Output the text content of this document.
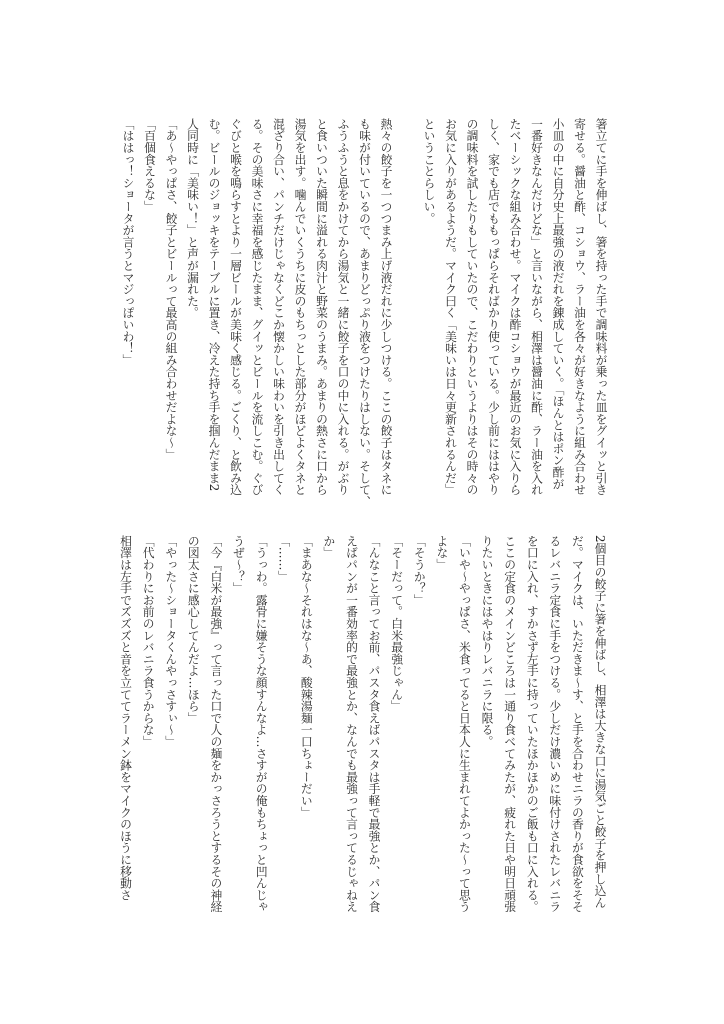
箸立てに手を伸ばし、箸を持った手で調味料が乗った皿をグイッと引き
寄せる。醤油と酢、コショウ、ラー油を各々が好きなように組み合わせ
小皿の中に自分史上最強の液だれを錬成していく。「ほんとはポン酢が
一番好きなんだけどな」と言いながら、相澤は醤油に酢、ラー油を入れ
たベーシックな組み合わせ。マイクは酢コショウが最近のお気に入りら
しく、家でも店でももっぱらそればかり使っている。少し前にははやり
の調味料を試したりもしていたので、こだわりというよりはその時々の
お気に入りがあるようだ。マイク曰く「美味いは日々更新されるんだ」
ということらしい。
熱々の餃子を一つつまみ上げ液だれに少しつける。ここの餃子はタネに
も味が付いているので、あまりどっぷり液をつけたりはしない。そして、
ふうふうと息をかけてから湯気と一緒に餃子を口の中に入れる。がぶり
と食いついた瞬間に溢れる肉汁と野菜のうまみ。あまりの熱さに口から
湯気を出す。噛んでいくうちに皮のもちっとした部分がほどよくタネと
混ざり合い、パンチだけじゃなくどこか懐かしい味わいを引き出してく
る。その美味さに幸福を感じたまま、グイッとビールを流しこむ。ぐび
ぐびと喉を鳴らすとより一層ビールが美味く感じる。ごくり、と飲み込
む。ビールのジョッキをテーブルに置き、冷えた持ち手を掴んだまま2
人同時に「美味い！」と声が漏れた。
「あ〜やっぱさ、餃子とビールって最高の組み合わせだよな〜」
「百個食えるな」
「ははっ！ショータが言うとマジっぽいわ！」
2個目の餃子に箸を伸ばし、相澤は大きな口に湯気ごと餃子を押し込ん
だ。マイクは、いただきま〜す、と手を合わせニラの香りが食欲をそそ
るレバニラ定食に手をつける。少しだけ濃いめに味付けされたレバニラ
を口に入れ、すかさず左手に持っていたほかほかのご飯も口に入れる。
ここの定食のメインどころは一通り食べてみたが、疲れた日や明日頑張
りたいときにはやはりレバニラに限る。
「いや〜やっぱさ、米食ってると日本人に生まれてよかった〜って思う
よな」
「そうか？」
「そーだって。白米最強じゃん」
「んなこと言ってお前、パスタ食えばパスタは手軽で最強とか、パン食
えばパンが一番効率的で最強とか、なんでも最強って言ってるじゃねえ
か」
「まあな〜それはな〜あ、酸辣湯麺一口ちょーだい」
「……」
「うっわ。露骨に嫌そうな顔すんなよ…さすがの俺もちょっと凹んじゃ
うぜ〜？」
「今『白米が最強』って言った口で人の麺をかっさろうとするその神経
の図太さに感心してんだよ…ほら」
「やった〜ショータくんやっさすぃ〜」
「代わりにお前のレバニラ食うからな」
相澤は左手でズズズと音を立ててラーメン鉢をマイクのほうに移動さ
